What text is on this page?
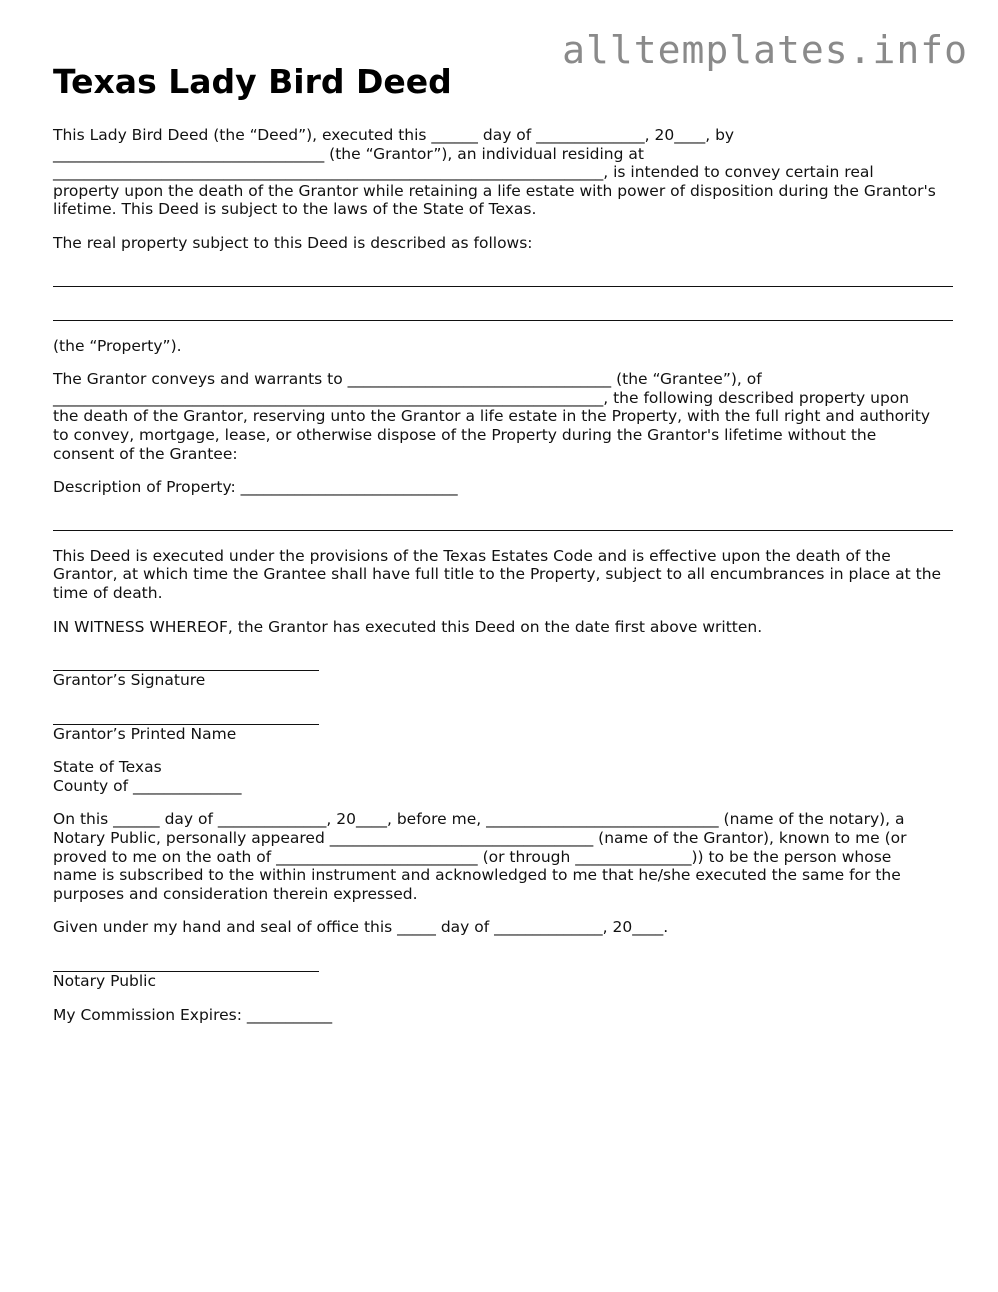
alltemplates.info
Texas Lady Bird Deed
This Lady Bird Deed (the “Deed”), executed this ______ day of ______________, 20____, by
___________________________________ (the “Grantor”), an individual residing at
_______________________________________________________________________, is intended to convey certain real
property upon the death of the Grantor while retaining a life estate with power of disposition during the Grantor's
lifetime. This Deed is subject to the laws of the State of Texas.
The real property subject to this Deed is described as follows:
(the “Property”).
The Grantor conveys and warrants to __________________________________ (the “Grantee”), of
_______________________________________________________________________, the following described property upon
the death of the Grantor, reserving unto the Grantor a life estate in the Property, with the full right and authority
to convey, mortgage, lease, or otherwise dispose of the Property during the Grantor's lifetime without the
consent of the Grantee:
Description of Property: ____________________________
This Deed is executed under the provisions of the Texas Estates Code and is effective upon the death of the
Grantor, at which time the Grantee shall have full title to the Property, subject to all encumbrances in place at the
time of death.
IN WITNESS WHEREOF, the Grantor has executed this Deed on the date first above written.
Grantor’s Signature
Grantor’s Printed Name
State of Texas
County of ______________
On this ______ day of ______________, 20____, before me, ______________________________ (name of the notary), a
Notary Public, personally appeared __________________________________ (name of the Grantor), known to me (or
proved to me on the oath of __________________________ (or through _______________)) to be the person whose
name is subscribed to the within instrument and acknowledged to me that he/she executed the same for the
purposes and consideration therein expressed.
Given under my hand and seal of office this _____ day of ______________, 20____.
Notary Public
My Commission Expires: ___________
